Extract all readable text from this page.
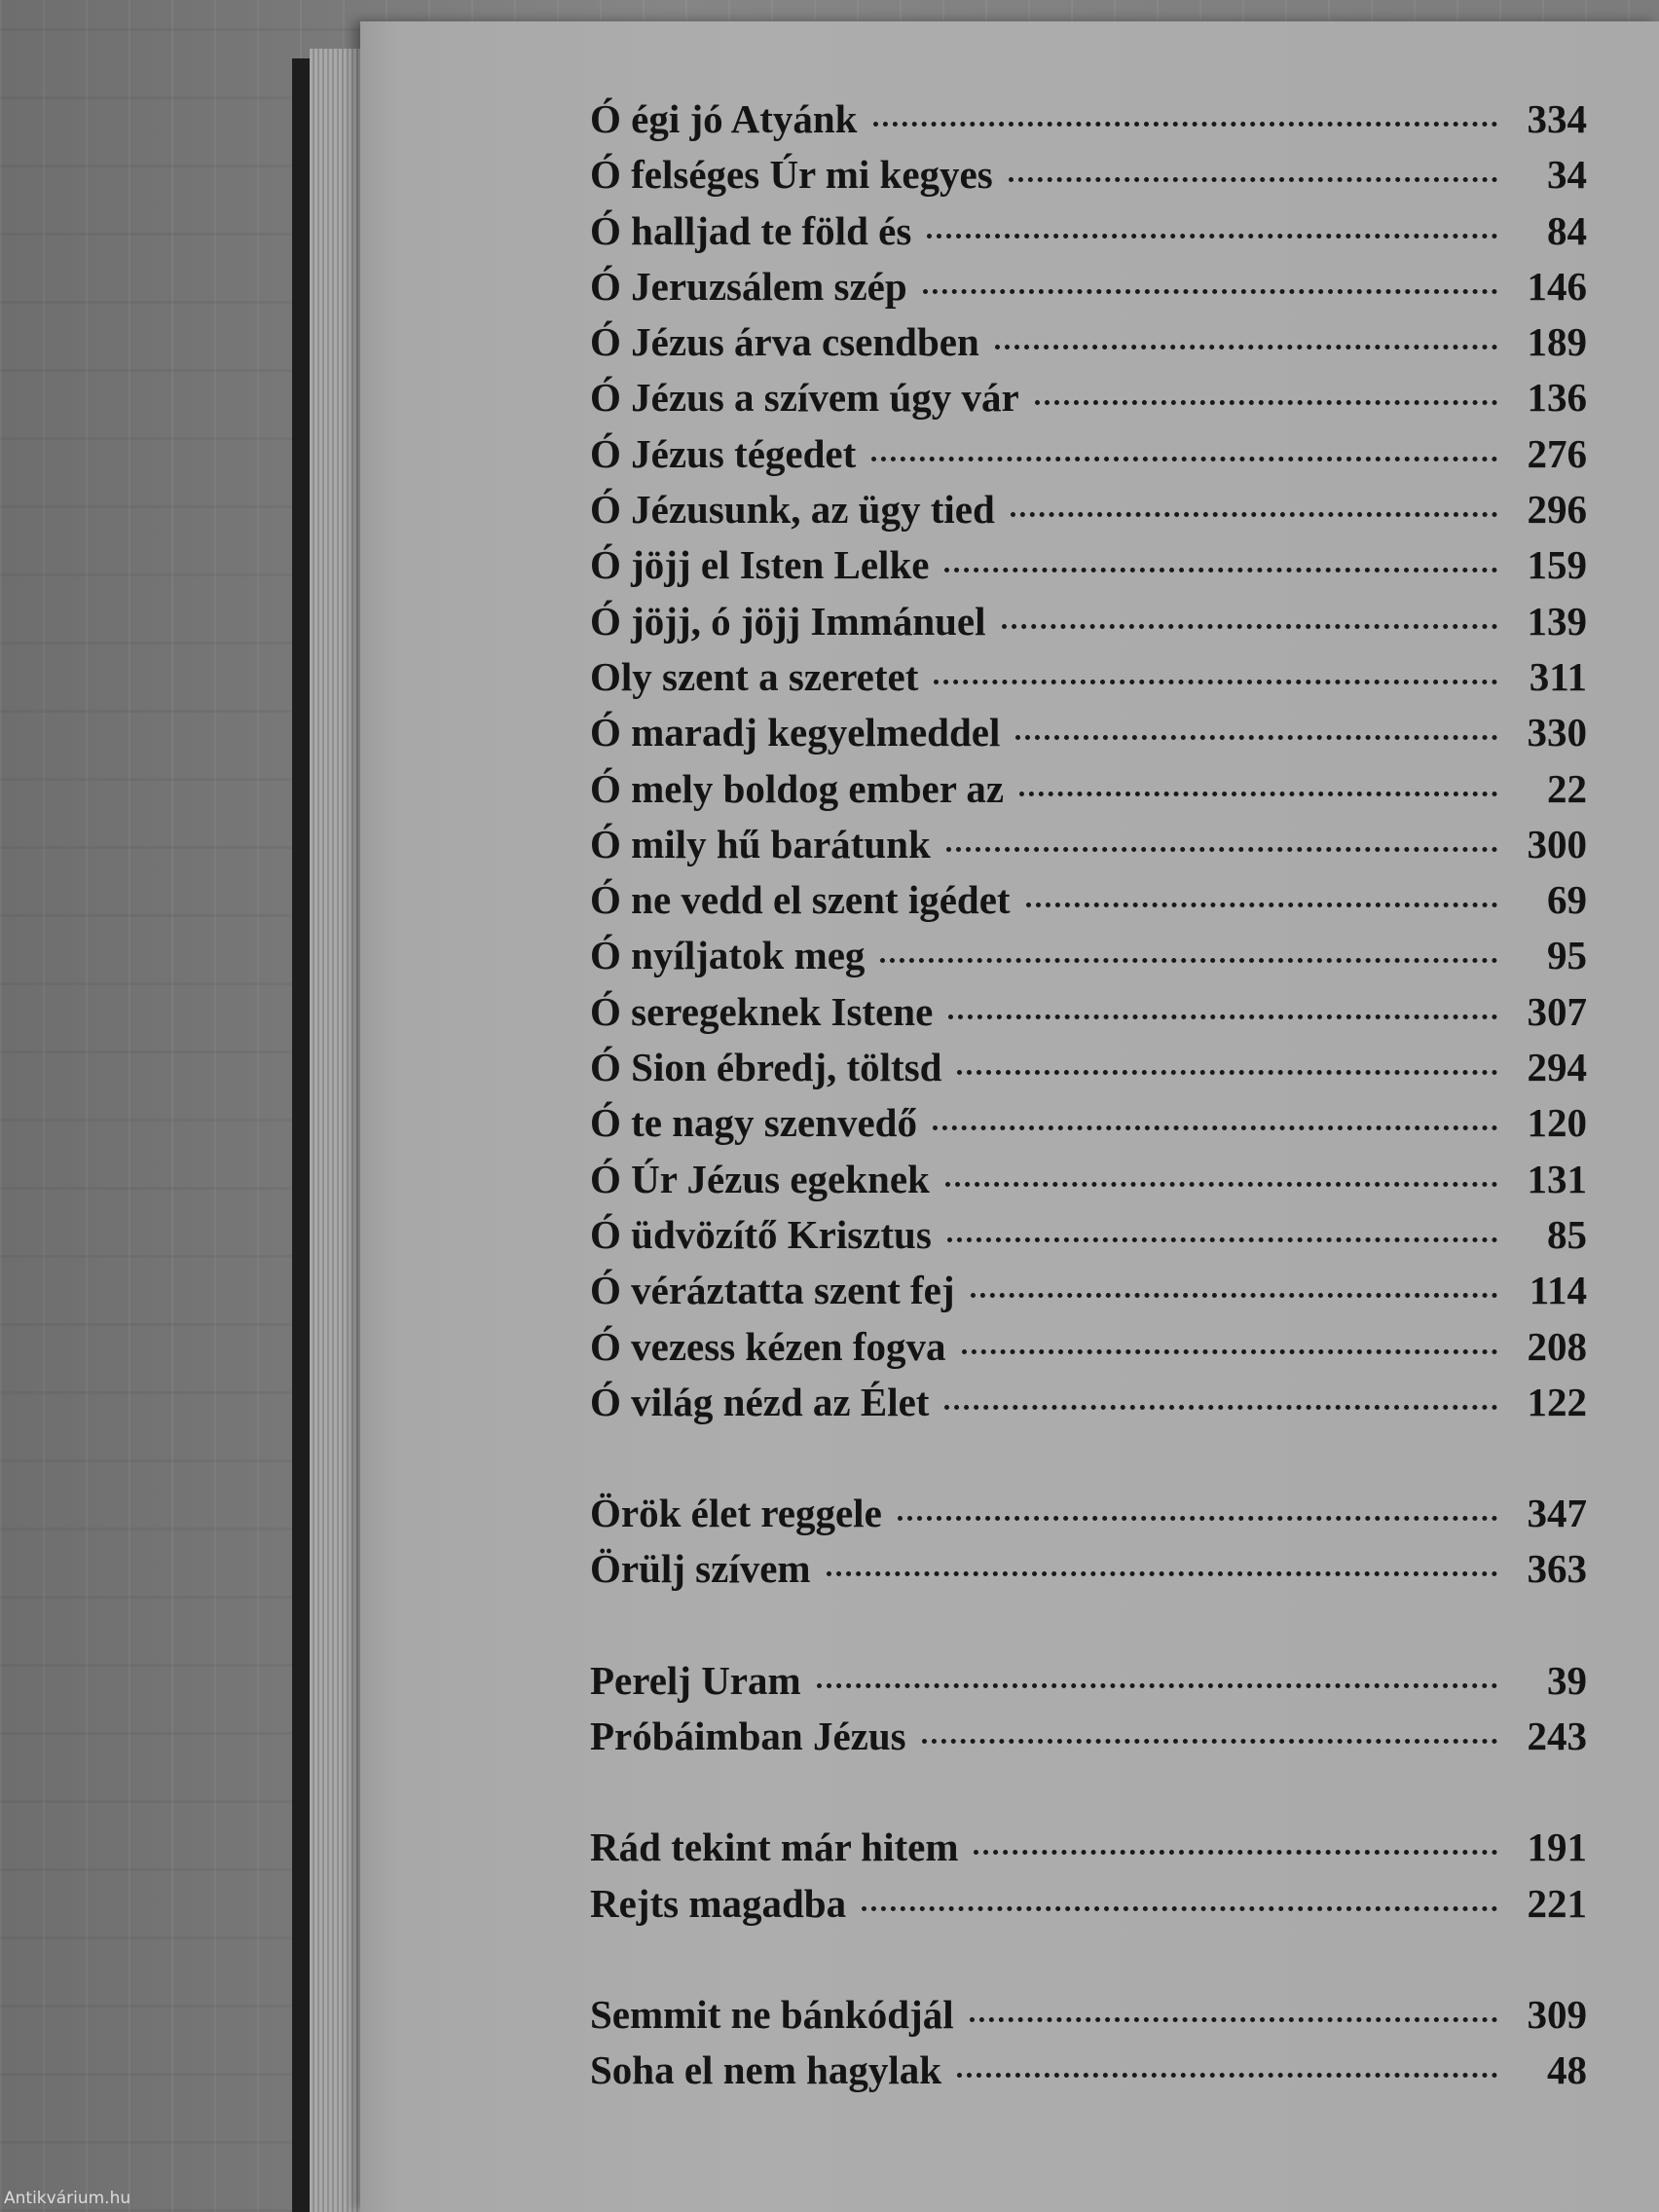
Ó égi jó Atyánk	334
Ó felséges Úr mi kegyes	34
Ó halljad te föld és	84
Ó Jeruzsálem szép	146
Ó Jézus árva csendben	189
Ó Jézus a szívem úgy vár	136
Ó Jézus tégedet	276
Ó Jézusunk, az ügy tied	296
Ó jöjj el Isten Lelke	159
Ó jöjj, ó jöjj Immánuel	139
Oly szent a szeretet	311
Ó maradj kegyelmeddel	330
Ó mely boldog ember az	22
Ó mily hű barátunk	300
Ó ne vedd el szent igédet	69
Ó nyíljatok meg	95
Ó seregeknek Istene	307
Ó Sion ébredj, töltsd	294
Ó te nagy szenvedő	120
Ó Úr Jézus egeknek	131
Ó üdvözítő Krisztus	85
Ó véráztatta szent fej	114
Ó vezess kézen fogva	208
Ó világ nézd az Élet	122
Örök élet reggele	347
Örülj szívem	363
Perelj Uram	39
Próbáimban Jézus	243
Rád tekint már hitem	191
Rejts magadba	221
Semmit ne bánkódjál	309
Soha el nem hagylak	48
Antikvárium.hu
